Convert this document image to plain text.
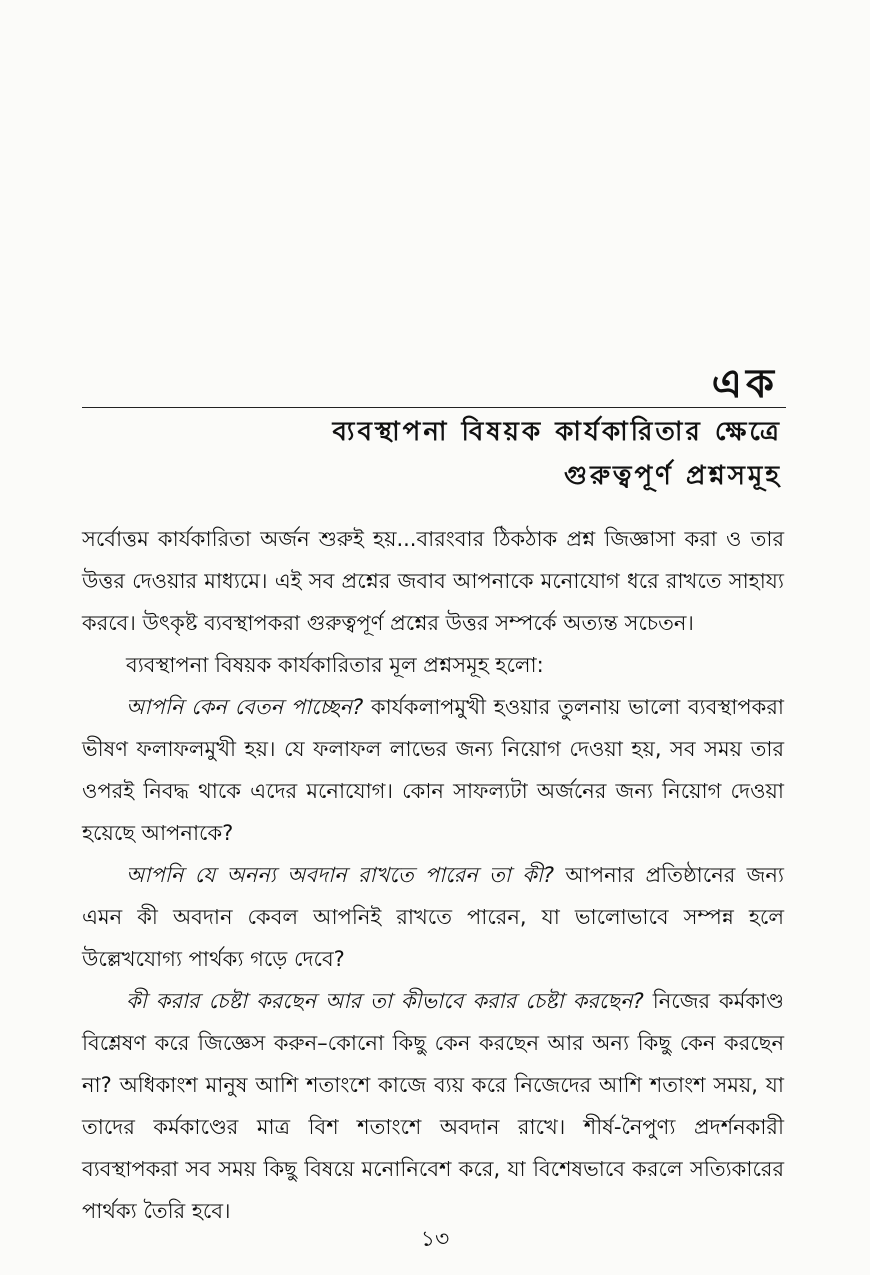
এক
ব্যবস্থাপনা বিষয়ক কার্যকারিতার ক্ষেত্রে
গুরুত্বপূর্ণ প্রশ্নসমূহ

সর্বোত্তম কার্যকারিতা অর্জন শুরুই হয়...বারংবার ঠিকঠাক প্রশ্ন জিজ্ঞাসা করা ও তার উত্তর দেওয়ার মাধ্যমে। এই সব প্রশ্নের জবাব আপনাকে মনোযোগ ধরে রাখতে সাহায্য করবে। উৎকৃষ্ট ব্যবস্থাপকরা গুরুত্বপূর্ণ প্রশ্নের উত্তর সম্পর্কে অত্যন্ত সচেতন।

ব্যবস্থাপনা বিষয়ক কার্যকারিতার মূল প্রশ্নসমূহ হলো:

আপনি কেন বেতন পাচ্ছেন? কার্যকলাপমুখী হওয়ার তুলনায় ভালো ব্যবস্থাপকরা ভীষণ ফলাফলমুখী হয়। যে ফলাফল লাভের জন্য নিয়োগ দেওয়া হয়, সব সময় তার ওপরই নিবদ্ধ থাকে এদের মনোযোগ। কোন সাফল্যটা অর্জনের জন্য নিয়োগ দেওয়া হয়েছে আপনাকে?

আপনি যে অনন্য অবদান রাখতে পারেন তা কী? আপনার প্রতিষ্ঠানের জন্য এমন কী অবদান কেবল আপনিই রাখতে পারেন, যা ভালোভাবে সম্পন্ন হলে উল্লেখযোগ্য পার্থক্য গড়ে দেবে?

কী করার চেষ্টা করছেন আর তা কীভাবে করার চেষ্টা করছেন? নিজের কর্মকাণ্ড বিশ্লেষণ করে জিজ্ঞেস করুন–কোনো কিছু কেন করছেন আর অন্য কিছু কেন করছেন না? অধিকাংশ মানুষ আশি শতাংশে কাজে ব্যয় করে নিজেদের আশি শতাংশ সময়, যা তাদের কর্মকাণ্ডের মাত্র বিশ শতাংশে অবদান রাখে। শীর্ষ-নৈপুণ্য প্রদর্শনকারী ব্যবস্থাপকরা সব সময় কিছু বিষয়ে মনোনিবেশ করে, যা বিশেষভাবে করলে সত্যিকারের পার্থক্য তৈরি হবে।

১৩
